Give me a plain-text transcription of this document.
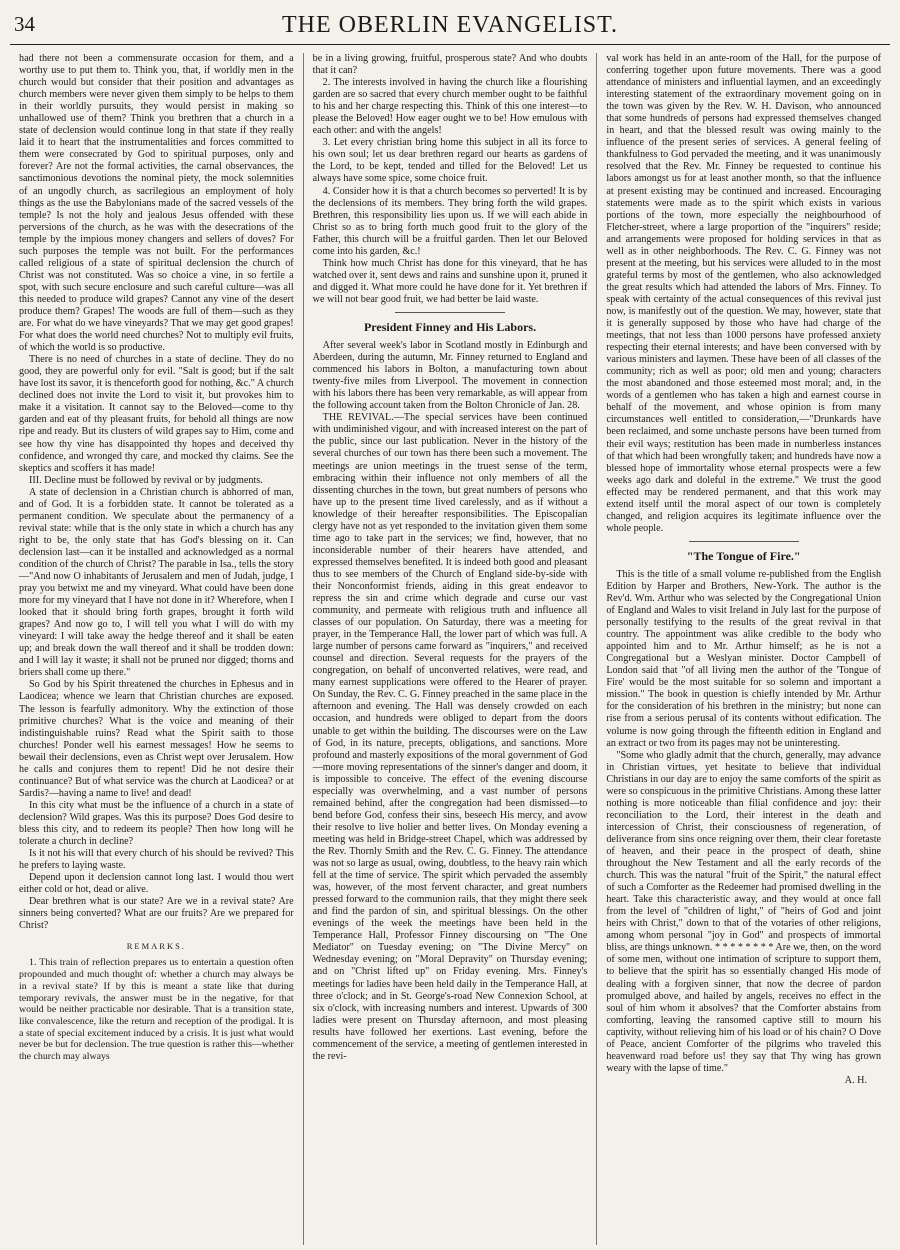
34	THE OBERLIN EVANGELIST.

had there not been a commensurate occasion for them, and a worthy use to put them to. Think you, that, if worldly men in the church would but consider that their position and advantages as church members were never given them simply to be helps to them in their worldly pursuits, they would persist in making so unhallowed use of them? Think you brethren that a church in a state of declension would continue long in that state if they really laid it to heart that the instrumentalities and forces committed to them were consecrated by God to spiritual purposes, only and forever? Are not the formal activities, the carnal observances, the sanctimonious devotions the nominal piety, the mock solemnities of an ungodly church, as sacrilegious an employment of holy things as the use the Babylonians made of the sacred vessels of the temple? Is not the holy and jealous Jesus offended with these perversions of the church, as he was with the desecrations of the temple by the impious money changers and sellers of doves? For such purposes the temple was not built. For the performances called religious of a state of spiritual declension the church of Christ was not constituted. Was so choice a vine, in so fertile a spot, with such secure enclosure and such careful culture—was all this needed to produce wild grapes? Cannot any vine of the desert produce them? Grapes! The woods are full of them—such as they are. For what do we have vineyards? That we may get good grapes! For what does the world need churches? Not to multiply evil fruits, of which the world is so productive.

There is no need of churches in a state of decline. They do no good, they are powerful only for evil. "Salt is good; but if the salt have lost its savor, it is thenceforth good for nothing, &c." A church declined does not invite the Lord to visit it, but provokes him to make it a visitation. It cannot say to the Beloved—come to thy garden and eat of thy pleasant fruits, for behold all things are now ripe and ready. But its clusters of wild grapes say to Him, come and see how thy vine has disappointed thy hopes and deceived thy confidence, and wronged thy care, and mocked thy claims. See the skeptics and scoffers it has made!

III. Decline must be followed by revival or by judgments.

A state of declension in a Christian church is abhorred of man, and of God. It is a forbidden state. It cannot be tolerated as a permanent condition. We speculate about the permanency of a revival state: while that is the only state in which a church has any right to be, the only state that has God's blessing on it. Can declension last—can it be installed and acknowledged as a normal condition of the church of Christ? The parable in Isa., tells the story—"And now O inhabitants of Jerusalem and men of Judah, judge, I pray you betwixt me and my vineyard. What could have been done more for my vineyard that I have not done in it? Wherefore, when I looked that it should bring forth grapes, brought it forth wild grapes? And now go to, I will tell you what I will do with my vineyard: I will take away the hedge thereof and it shall be eaten up; and break down the wall thereof and it shall be trodden down: and I will lay it waste; it shall not be pruned nor digged; thorns and briers shall come up there."

So God by his Spirit threatened the churches in Ephesus and in Laodicea; whence we learn that Christian churches are exposed. The lesson is fearfully admonitory. Why the extinction of those primitive churches? What is the voice and meaning of their indistinguishable ruins? Read what the Spirit saith to those churches! Ponder well his earnest messages! How he seems to bewail their declensions, even as Christ wept over Jerusalem. How he calls and conjures them to repent! Did he not desire their continuance? But of what service was the church at Laodicea? or at Sardis?—having a name to live! and dead!

In this city what must be the influence of a church in a state of declension? Wild grapes. Was this its purpose? Does God desire to bless this city, and to redeem its people? Then how long will he tolerate a church in decline?

Is it not his will that every church of his should be revived? This he prefers to laying waste.

Depend upon it declension cannot long last. I would thou wert either cold or hot, dead or alive.

Dear brethren what is our state? Are we in a revival state? Are sinners being converted? What are our fruits? Are we prepared for Christ?

REMARKS.

1. This train of reflection prepares us to entertain a question often propounded and much thought of: whether a church may always be in a revival state? If by this is meant a state like that during temporary revivals, the answer must be in the negative, for that would be neither practicable nor desirable. That is a transition state, like convalescence, like the return and reception of the prodigal. It is a state of special excitement induced by a crisis. It is just what would never be but for declension. The true question is rather this—whether the church may always

be in a living growing, fruitful, prosperous state? And who doubts that it can?

2. The interests involved in having the church like a flourishing garden are so sacred that every church member ought to be faithful to his and her charge respecting this. Think of this one interest—to please the Beloved! How eager ought we to be! How emulous with each other: and with the angels!

3. Let every christian bring home this subject in all its force to his own soul; let us dear brethren regard our hearts as gardens of the Lord, to be kept, tended and tilled for the Beloved! Let us always have some spice, some choice fruit.

4. Consider how it is that a church becomes so perverted! It is by the declensions of its members. They bring forth the wild grapes. Brethren, this responsibility lies upon us. If we will each abide in Christ so as to bring forth much good fruit to the glory of the Father, this church will be a fruitful garden. Then let our Beloved come into his garden, &c.!

Think how much Christ has done for this vineyard, that he has watched over it, sent dews and rains and sunshine upon it, pruned it and digged it. What more could he have done for it. Yet brethren if we will not bear good fruit, we had better be laid waste.

President Finney and His Labors.

After several week's labor in Scotland mostly in Edinburgh and Aberdeen, during the autumn, Mr. Finney returned to England and commenced his labors in Bolton, a manufacturing town about twenty-five miles from Liverpool. The movement in connection with his labors there has been very remarkable, as will appear from the following account taken from the Bolton Chronicle of Jan. 28.

THE REVIVAL.—The special services have been continued with undiminished vigour, and with increased interest on the part of the public, since our last publication. Never in the history of the several churches of our town has there been such a movement. The meetings are union meetings in the truest sense of the term, embracing within their influence not only members of all the dissenting churches in the town, but great numbers of persons who have up to the present time lived carelessly, and as if without a knowledge of their hereafter responsibilities. The Episcopalian clergy have not as yet responded to the invitation given them some time ago to take part in the services; we find, however, that no inconsiderable number of their hearers have attended, and expressed themselves benefited. It is indeed both good and pleasant thus to see members of the Church of England side-by-side with their Nonconformist friends, aiding in this great endeavor to repress the sin and crime which degrade and curse our vast community, and permeate with religious truth and influence all classes of our population. On Saturday, there was a meeting for prayer, in the Temperance Hall, the lower part of which was full. A large number of persons came forward as "inquirers," and received counsel and direction. Several requests for the prayers of the congregation, on behalf of unconverted relatives, were read, and many earnest supplications were offered to the Hearer of prayer. On Sunday, the Rev. C. G. Finney preached in the same place in the afternoon and evening. The Hall was densely crowded on each occasion, and hundreds were obliged to depart from the doors unable to get within the building. The discourses were on the Law of God, in its nature, precepts, obligations, and sanctions. More profound and masterly expositions of the moral government of God—more moving representations of the sinner's danger and doom, it is impossible to conceive. The effect of the evening discourse especially was overwhelming, and a vast number of persons remained behind, after the congregation had been dismissed—to bend before God, confess their sins, beseech His mercy, and avow their resolve to live holier and better lives. On Monday evening a meeting was held in Bridge-street Chapel, which was addressed by the Rev. Thornly Smith and the Rev. C. G. Finney. The attendance was not so large as usual, owing, doubtless, to the heavy rain which fell at the time of service. The spirit which pervaded the assembly was, however, of the most fervent character, and great numbers pressed forward to the communion rails, that they might there seek and find the pardon of sin, and spiritual blessings. On the other evenings of the week the meetings have been held in the Temperance Hall, Professor Finney discoursing on "The One Mediator" on Tuesday evening; on "The Divine Mercy" on Wednesday evening; on "Moral Depravity" on Thursday evening; and on "Christ lifted up" on Friday evening. Mrs. Finney's meetings for ladies have been held daily in the Temperance Hall, at three o'clock; and in St. George's-road New Connexion School, at six o'clock, with increasing numbers and interest. Upwards of 300 ladies were present on Thursday afternoon, and most pleasing results have followed her exertions. Last evening, before the commencement of the service, a meeting of gentlemen interested in the revi-

val work has held in an ante-room of the Hall, for the purpose of conferring together upon future movements. There was a good attendance of ministers and influential laymen, and an exceedingly interesting statement of the extraordinary movement going on in the town was given by the Rev. W. H. Davison, who announced that some hundreds of persons had expressed themselves changed in heart, and that the blessed result was owing mainly to the influence of the present series of services. A general feeling of thankfulness to God pervaded the meeting, and it was unanimously resolved that the Rev. Mr. Finney be requested to continue his labors amongst us for at least another month, so that the influence at present existing may be continued and increased. Encouraging statements were made as to the spirit which exists in various portions of the town, more especially the neighbourhood of Fletcher-street, where a large proportion of the "inquirers" reside; and arrangements were proposed for holding services in that as well as in other neighborhoods. The Rev. C. G. Finney was not present at the meeting, but his services were alluded to in the most grateful terms by most of the gentlemen, who also acknowledged the great results which had attended the labors of Mrs. Finney. To speak with certainty of the actual consequences of this revival just now, is manifestly out of the question. We may, however, state that it is generally supposed by those who have had charge of the meetings, that not less than 1000 persons have professed anxiety respecting their eternal interests; and have been conversed with by various ministers and laymen. These have been of all classes of the community; rich as well as poor; old men and young; characters the most abandoned and those esteemed most moral; and, in the words of a gentlemen who has taken a high and earnest course in behalf of the movement, and whose opinion is from many circumstances well entitled to consideration,—"Drunkards have been reclaimed, and some unchaste persons have been turned from their evil ways; restitution has been made in numberless instances of that which had been wrongfully taken; and hundreds have now a blessed hope of immortality whose eternal prospects were a few weeks ago dark and doleful in the extreme." We trust the good effected may be rendered permanent, and that this work may extend itself until the moral aspect of our town is completely changed, and religion acquires its legitimate influence over the whole people.

"The Tongue of Fire."

This is the title of a small volume re-published from the English Edition by Harper and Brothers, New-York. The author is the Rev'd. Wm. Arthur who was selected by the Congregational Union of England and Wales to visit Ireland in July last for the purpose of personally testifying to the results of the great revival in that country. The appointment was alike credible to the body who appointed him and to Mr. Arthur himself; as he is not a Congregational but a Weslyan minister. Doctor Campbell of London said that "of all living men the author of the 'Tongue of Fire' would be the most suitable for so solemn and important a mission." The book in question is chiefly intended by Mr. Arthur for the consideration of his brethren in the ministry; but none can rise from a serious perusal of its contents without edification. The volume is now going through the fifteenth edition in England and an extract or two from its pages may not be uninteresting.

"Some who gladly admit that the church, generally, may advance in Christian virtues, yet hesitate to believe that individual Christians in our day are to enjoy the same comforts of the spirit as were so conspicuous in the primitive Christians. Among these latter nothing is more noticeable than filial confidence and joy: their reconciliation to the Lord, their interest in the death and intercession of Christ, their consciousness of regeneration, of deliverance from sins once reigning over them, their clear foretaste of heaven, and their peace in the prospect of death, shine throughout the New Testament and all the early records of the church. This was the natural "fruit of the Spirit," the natural effect of such a Comforter as the Redeemer had promised dwelling in the heart. Take this characteristic away, and they would at once fall from the level of "children of light," of "heirs of God and joint heirs with Christ," down to that of the votaries of other religions, among whom personal "joy in God" and prospects of immortal bliss, are things unknown. * * * * * * * * Are we, then, on the word of some men, without one intimation of scripture to support them, to believe that the spirit has so essentially changed His mode of dealing with a forgiven sinner, that now the decree of pardon promulged above, and hailed by angels, receives no effect in the soul of him whom it absolves? that the Comforter abstains from comforting, leaving the ransomed captive still to mourn his captivity, without relieving him of his load or of his chain? O Dove of Peace, ancient Comforter of the pilgrims who traveled this heavenward road before us! they say that Thy wing has grown weary with the lapse of time."

A. H.
